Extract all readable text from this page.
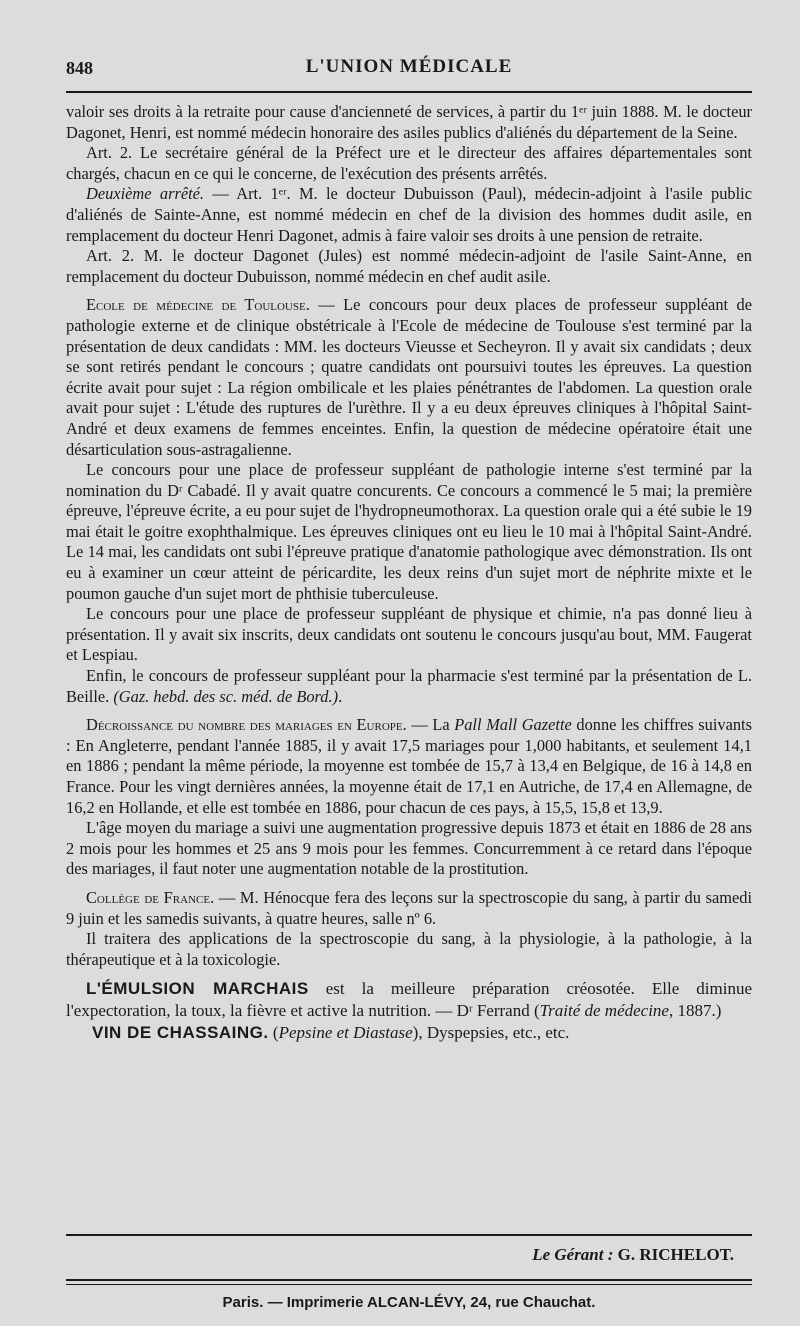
848	L'UNION MÉDICALE

valoir ses droits à la retraite pour cause d'ancienneté de services, à partir du 1ᵉʳ juin 1888. M. le docteur Dagonet, Henri, est nommé médecin honoraire des asiles publics d'aliénés du département de la Seine.

Art. 2. Le secrétaire général de la Préfect ure et le directeur des affaires départementales sont chargés, chacun en ce qui le concerne, de l'exécution des présents arrêtés.

Deuxième arrêté. — Art. 1ᵉʳ. M. le docteur Dubuisson (Paul), médecin-adjoint à l'asile public d'aliénés de Sainte-Anne, est nommé médecin en chef de la division des hommes dudit asile, en remplacement du docteur Henri Dagonet, admis à faire valoir ses droits à une pension de retraite.

Art. 2. M. le docteur Dagonet (Jules) est nommé médecin-adjoint de l'asile Saint-Anne, en remplacement du docteur Dubuisson, nommé médecin en chef audit asile.

Ecole de médecine de Toulouse. — Le concours pour deux places de professeur suppléant de pathologie externe et de clinique obstétricale à l'Ecole de médecine de Toulouse s'est terminé par la présentation de deux candidats : MM. les docteurs Vieusse et Secheyron. Il y avait six candidats ; deux se sont retirés pendant le concours ; quatre candidats ont poursuivi toutes les épreuves. La question écrite avait pour sujet : La région ombilicale et les plaies pénétrantes de l'abdomen. La question orale avait pour sujet : L'étude des ruptures de l'urèthre. Il y a eu deux épreuves cliniques à l'hôpital Saint-André et deux examens de femmes enceintes. Enfin, la question de médecine opératoire était une désarticulation sous-astragalienne.

Le concours pour une place de professeur suppléant de pathologie interne s'est terminé par la nomination du Dʳ Cabadé. Il y avait quatre concurents. Ce concours a commencé le 5 mai; la première épreuve, l'épreuve écrite, a eu pour sujet de l'hydropneumothorax. La question orale qui a été subie le 19 mai était le goitre exophthalmique. Les épreuves cliniques ont eu lieu le 10 mai à l'hôpital Saint-André. Le 14 mai, les candidats ont subi l'épreuve pratique d'anatomie pathologique avec démonstration. Ils ont eu à examiner un cœur atteint de péricardite, les deux reins d'un sujet mort de néphrite mixte et le poumon gauche d'un sujet mort de phthisie tuberculeuse.

Le concours pour une place de professeur suppléant de physique et chimie, n'a pas donné lieu à présentation. Il y avait six inscrits, deux candidats ont soutenu le concours jusqu'au bout, MM. Faugerat et Lespiau.

Enfin, le concours de professeur suppléant pour la pharmacie s'est terminé par la présentation de L. Beille. (Gaz. hebd. des sc. méd. de Bord.).

Décroissance du nombre des mariages en Europe. — La Pall Mall Gazette donne les chiffres suivants : En Angleterre, pendant l'année 1885, il y avait 17,5 mariages pour 1,000 habitants, et seulement 14,1 en 1886 ; pendant la même période, la moyenne est tombée de 15,7 à 13,4 en Belgique, de 16 à 14,8 en France. Pour les vingt dernières années, la moyenne était de 17,1 en Autriche, de 17,4 en Allemagne, de 16,2 en Hollande, et elle est tombée en 1886, pour chacun de ces pays, à 15,5, 15,8 et 13,9.

L'âge moyen du mariage a suivi une augmentation progressive depuis 1873 et était en 1886 de 28 ans 2 mois pour les hommes et 25 ans 9 mois pour les femmes. Concurremment à ce retard dans l'époque des mariages, il faut noter une augmentation notable de la prostitution.

Collège de France. — M. Hénocque fera des leçons sur la spectroscopie du sang, à partir du samedi 9 juin et les samedis suivants, à quatre heures, salle nº 6.

Il traitera des applications de la spectroscopie du sang, à la physiologie, à la pathologie, à la thérapeutique et à la toxicologie.

L'ÉMULSION MARCHAIS est la meilleure préparation créosotée. Elle diminue l'expectoration, la toux, la fièvre et active la nutrition. — Dʳ Ferrand (Traité de médecine, 1887.)

VIN DE CHASSAING. (Pepsine et Diastase), Dyspepsies, etc., etc.

Le Gérant : G. RICHELOT.
Paris. — Imprimerie ALCAN-LÉVY, 24, rue Chauchat.
